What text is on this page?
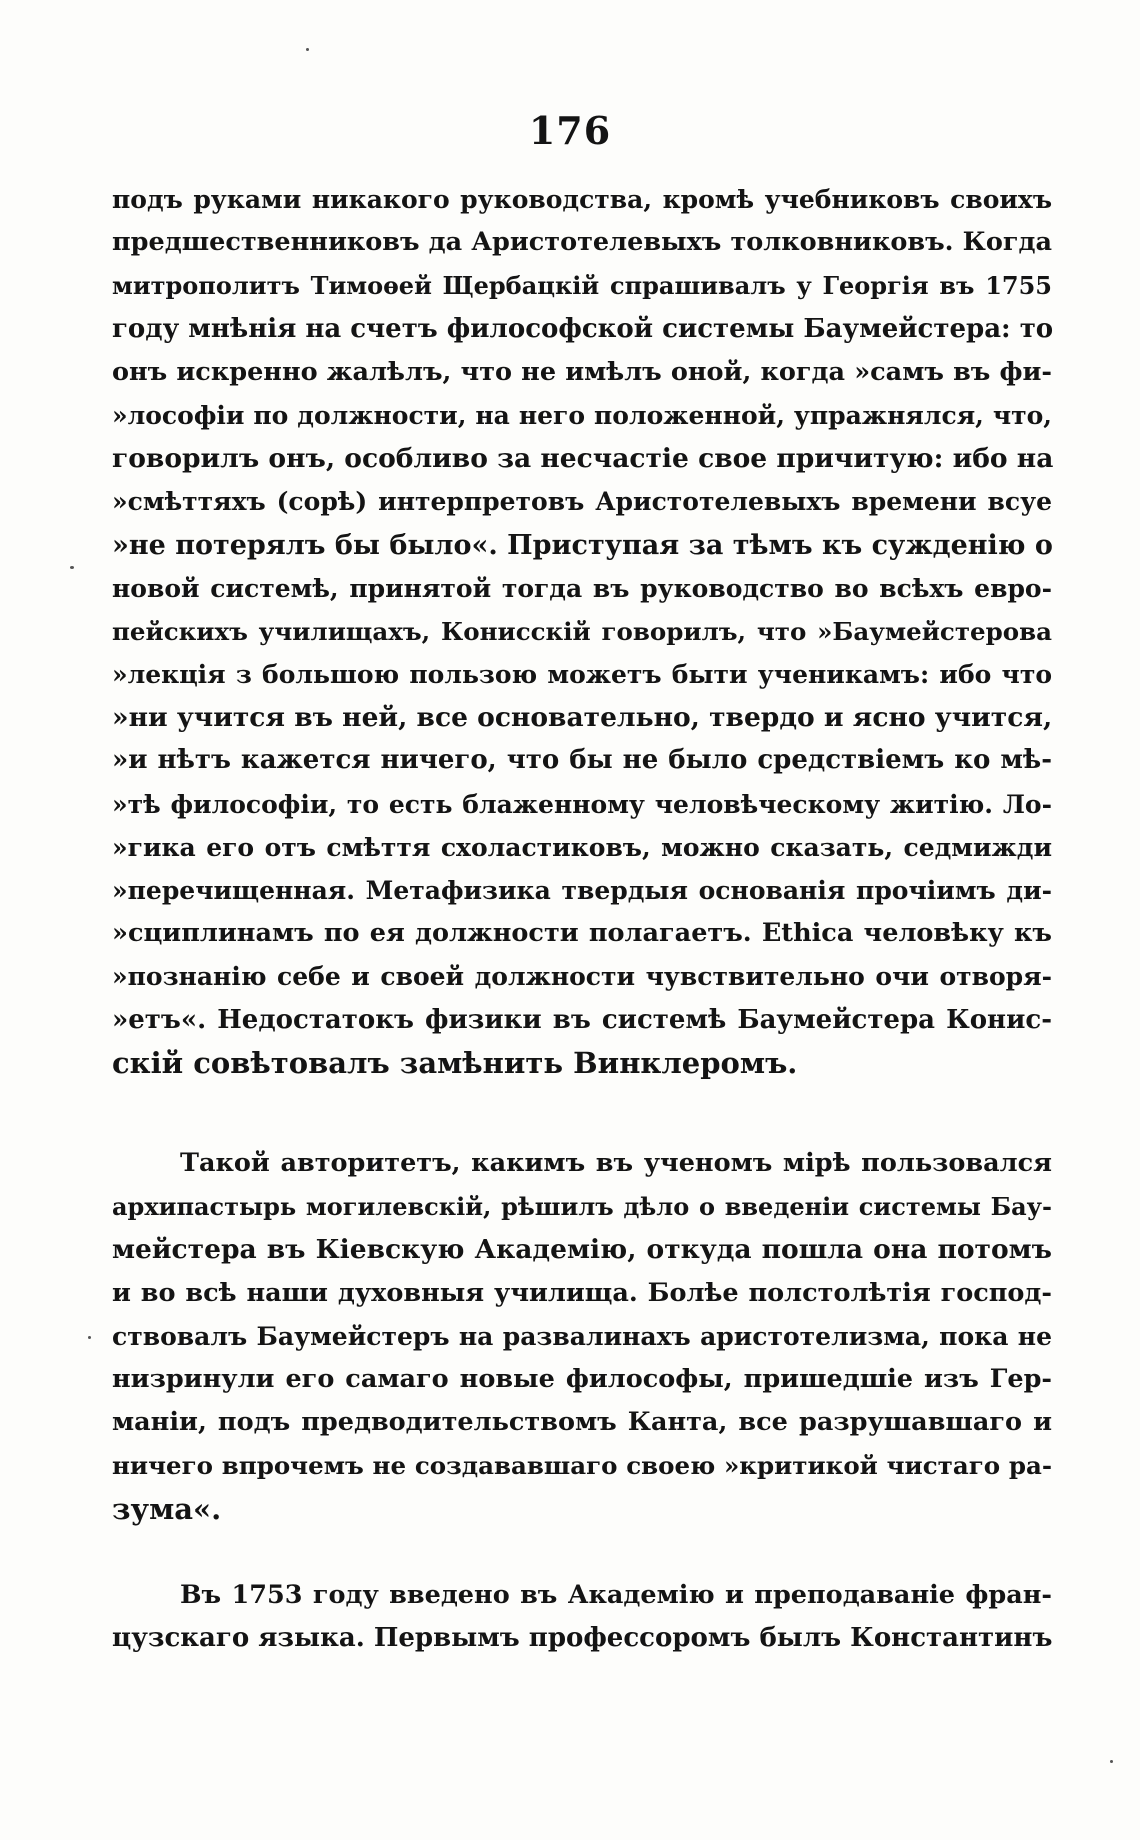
176
подъ руками никакого руководства, кромѣ учебниковъ своихъ
предшественниковъ да Аристотелевыхъ толковниковъ. Когда
митрополитъ Тимоѳей Щербацкій спрашивалъ у Георгія въ 1755
году мнѣнія на счетъ философской системы Баумейстера: то
онъ искренно жалѣлъ, что не имѣлъ оной, когда »самъ въ фи-
»лософіи по должности, на него положенной, упражнялся, что,
говорилъ онъ, особливо за несчастіе свое причитую: ибо на
»смѣттяхъ (сорѣ) интерпретовъ Аристотелевыхъ времени всуе
»не потерялъ бы было«. Приступая за тѣмъ къ сужденію о
новой системѣ, принятой тогда въ руководство во всѣхъ евро-
пейскихъ училищахъ, Конисскій говорилъ, что »Баумейстерова
»лекція з большою пользою можетъ быти ученикамъ: ибо что
»ни учится въ ней, все основательно, твердо и ясно учится,
»и нѣтъ кажется ничего, что бы не было средствіемъ ко мѣ-
»тѣ философіи, то есть блаженному человѣческому житію. Ло-
»гика его отъ смѣття схоластиковъ, можно сказать, седмижди
»перечищенная. Метафизика твердыя основанія прочіимъ ди-
»сциплинамъ по ея должности полагаетъ. Ethica человѣку къ
»познанію себе и своей должности чувствительно очи отворя-
»етъ«. Недостатокъ физики въ системѣ Баумейстера Конис-
скій совѣтовалъ замѣнить Винклеромъ.
Такой авторитетъ, какимъ въ ученомъ мірѣ пользовался
архипастырь могилевскій, рѣшилъ дѣло о введеніи системы Бау-
мейстера въ Кіевскую Академію, откуда пошла она потомъ
и во всѣ наши духовныя училища. Болѣе полстолѣтія господ-
ствовалъ Баумейстеръ на развалинахъ аристотелизма, пока не
низринули его самаго новые философы, пришедшіе изъ Гер-
маніи, подъ предводительствомъ Канта, все разрушавшаго и
ничего впрочемъ не создававшаго своею »критикой чистаго ра-
зума«.
Въ 1753 году введено въ Академію и преподаваніе фран-
цузскаго языка. Первымъ профессоромъ былъ Константинъ
